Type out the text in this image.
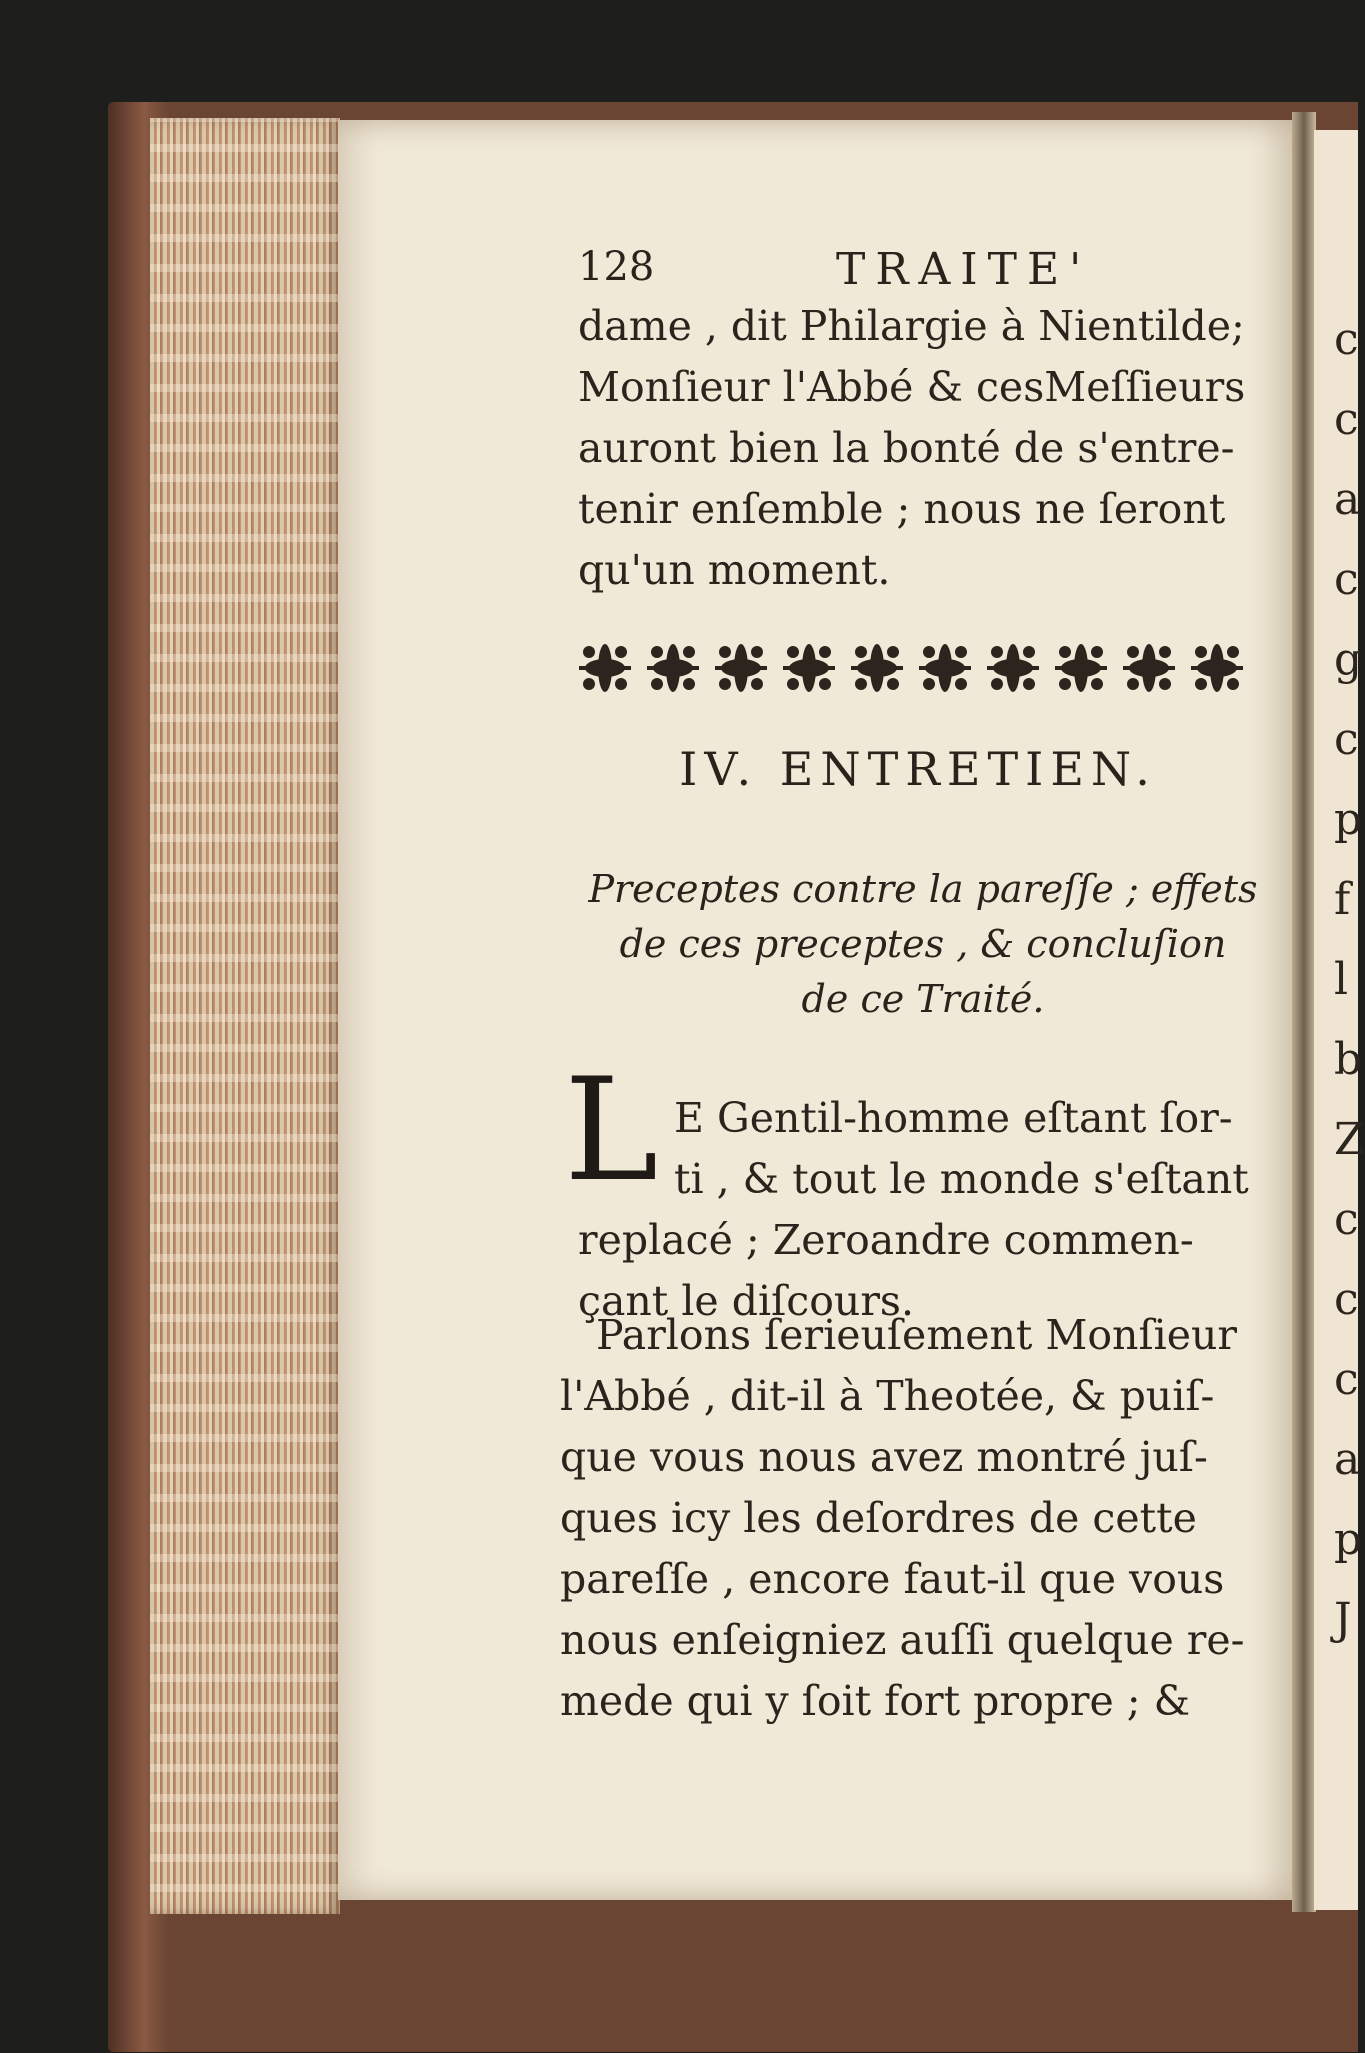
c
c
a
c
g
c
p
f
l
b
Z
c
c
c
a
p
J
128	TRAITE'
dame , dit Philargie à Nientilde;
Monſieur l'Abbé & cesMeſſieurs
auront bien la bonté de s'entre-
tenir enſemble ; nous ne ſeront
qu'un moment.
IV. ENTRETIEN.
Preceptes contre la pareſſe ; effets
de ces preceptes , & concluſion
de ce Traité.
L E Gentil-homme eſtant ſor-
ti , & tout le monde s'eſtant
replacé ; Zeroandre commen-
çant le diſcours.
Parlons ſerieuſement Monſieur
l'Abbé , dit-il à Theotée, & puiſ-
que vous nous avez montré juſ-
ques icy les deſordres de cette
pareſſe , encore faut-il que vous
nous enſeigniez auſſi quelque re-
mede qui y ſoit fort propre ; &
